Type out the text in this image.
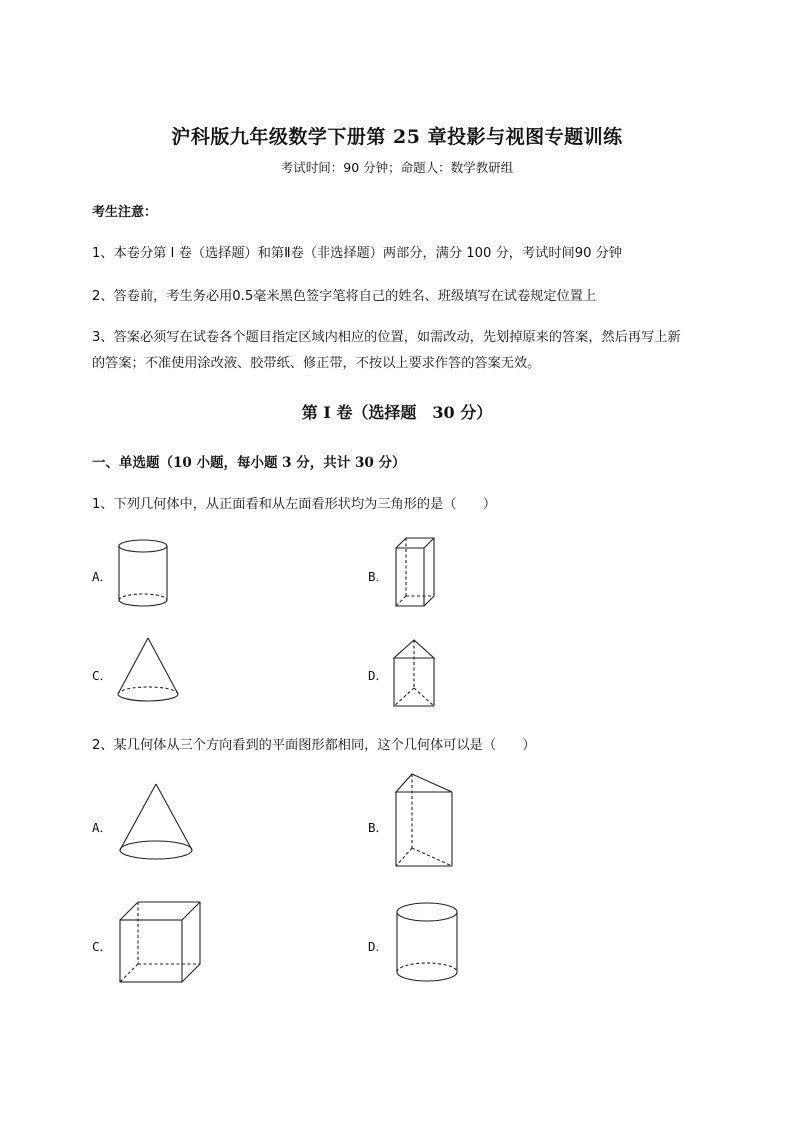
沪科版九年级数学下册第 25 章投影与视图专题训练
考试时间：90 分钟；命题人：数学教研组
考生注意：
1、本卷分第 I 卷（选择题）和第Ⅱ卷（非选择题）两部分，满分 100 分，考试时间90 分钟
2、答卷前，考生务必用0.5毫米黑色签字笔将自己的姓名、班级填写在试卷规定位置上
3、答案必须写在试卷各个题目指定区域内相应的位置，如需改动，先划掉原来的答案，然后再写上新
的答案；不准使用涂改液、胶带纸、修正带，不按以上要求作答的答案无效。
第 I 卷（选择题　30 分）
一、单选题（10 小题，每小题 3 分，共计 30 分）
1、下列几何体中，从正面看和从左面看形状均为三角形的是（　　）
A．	B．
C．	D．
2、某几何体从三个方向看到的平面图形都相同，这个几何体可以是（　　）
A．	B．
C．	D．
